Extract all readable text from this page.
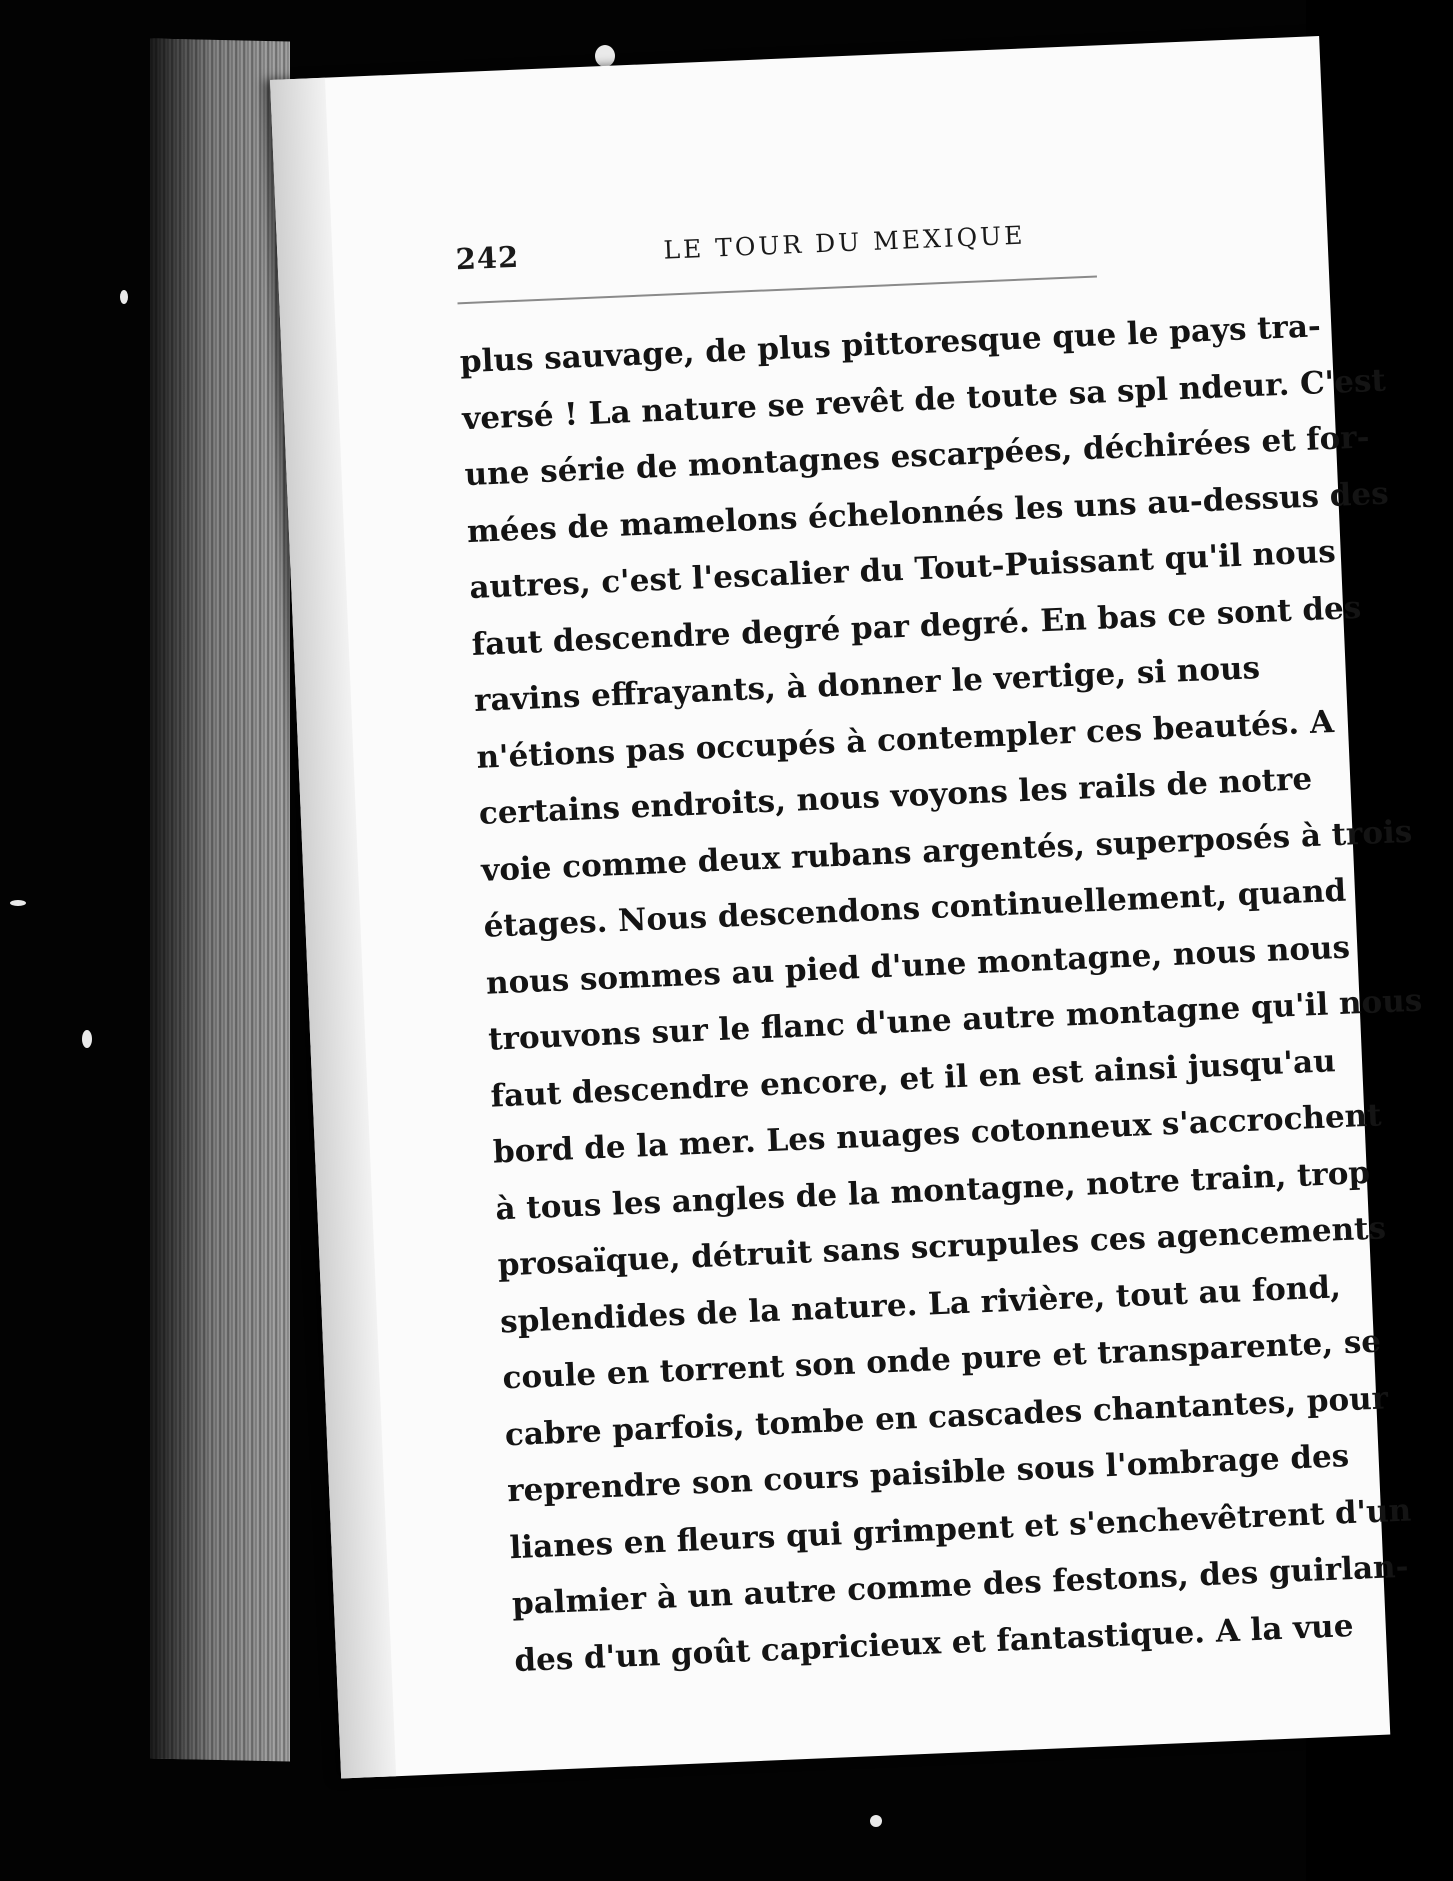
242	LE TOUR DU MEXIQUE
plus sauvage, de plus pittoresque que le pays tra-
versé ! La nature se revêt de toute sa spl ndeur. C'est
une série de montagnes escarpées, déchirées et for-
mées de mamelons échelonnés les uns au-dessus des
autres, c'est l'escalier du Tout-Puissant qu'il nous
faut descendre degré par degré. En bas ce sont des
ravins effrayants, à donner le vertige, si nous
n'étions pas occupés à contempler ces beautés. A
certains endroits, nous voyons les rails de notre
voie comme deux rubans argentés, superposés à trois
étages. Nous descendons continuellement, quand
nous sommes au pied d'une montagne, nous nous
trouvons sur le flanc d'une autre montagne qu'il nous
faut descendre encore, et il en est ainsi jusqu'au
bord de la mer. Les nuages cotonneux s'accrochent
à tous les angles de la montagne, notre train, trop
prosaïque, détruit sans scrupules ces agencements
splendides de la nature. La rivière, tout au fond,
coule en torrent son onde pure et transparente, se
cabre parfois, tombe en cascades chantantes, pour
reprendre son cours paisible sous l'ombrage des
lianes en fleurs qui grimpent et s'enchevêtrent d'un
palmier à un autre comme des festons, des guirlan-
des d'un goût capricieux et fantastique. A la vue
